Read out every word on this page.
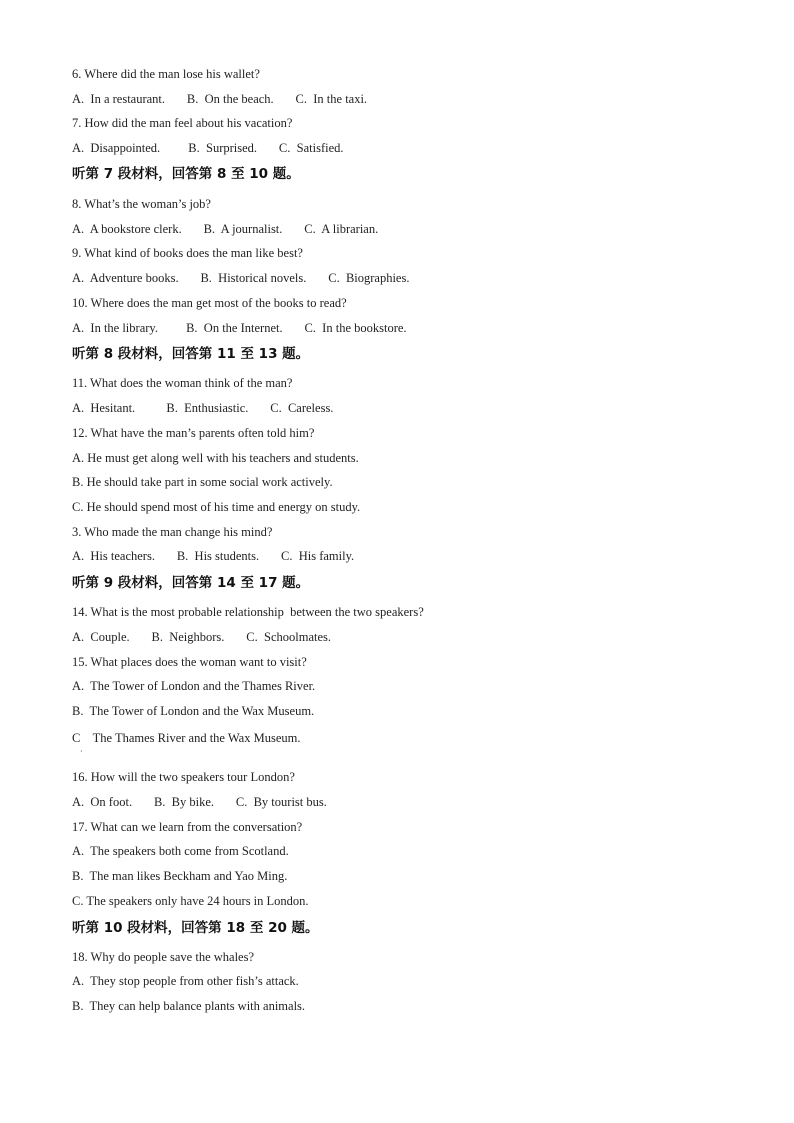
6. Where did the man lose his wallet?
A.  In a restaurant.       B.  On the beach.       C.  In the taxi.
7. How did the man feel about his vacation?
A.  Disappointed.         B.  Surprised.       C.  Satisfied.
听第 7 段材料，回答第 8 至 10 题。
8. What’s the woman’s job?
A.  A bookstore clerk.       B.  A journalist.       C.  A librarian.
9. What kind of books does the man like best?
A.  Adventure books.       B.  Historical novels.       C.  Biographies.
10. Where does the man get most of the books to read?
A.  In the library.         B.  On the Internet.       C.  In the bookstore.
听第 8 段材料，回答第 11 至 13 题。
11. What does the woman think of the man?
A.  Hesitant.          B.  Enthusiastic.       C.  Careless.
12. What have the man’s parents often told him?
A. He must get along well with his teachers and students.
B. He should take part in some social work actively.
C. He should spend most of his time and energy on study.
3. Who made the man change his mind?
A.  His teachers.       B.  His students.       C.  His family.
听第 9 段材料，回答第 14 至 17 题。
14. What is the most probable relationship  between the two speakers?
A.  Couple.       B.  Neighbors.       C.  Schoolmates.
15. What places does the woman want to visit?
A.  The Tower of London and the Thames River.
B.  The Tower of London and the Wax Museum.
C    The Thames River and the Wax Museum.
·
16. How will the two speakers tour London?
A.  On foot.       B.  By bike.       C.  By tourist bus.
17. What can we learn from the conversation?
A.  The speakers both come from Scotland.
B.  The man likes Beckham and Yao Ming.
C. The speakers only have 24 hours in London.
听第 10 段材料，回答第 18 至 20 题。
18. Why do people save the whales?
A.  They stop people from other fish’s attack.
B.  They can help balance plants with animals.
